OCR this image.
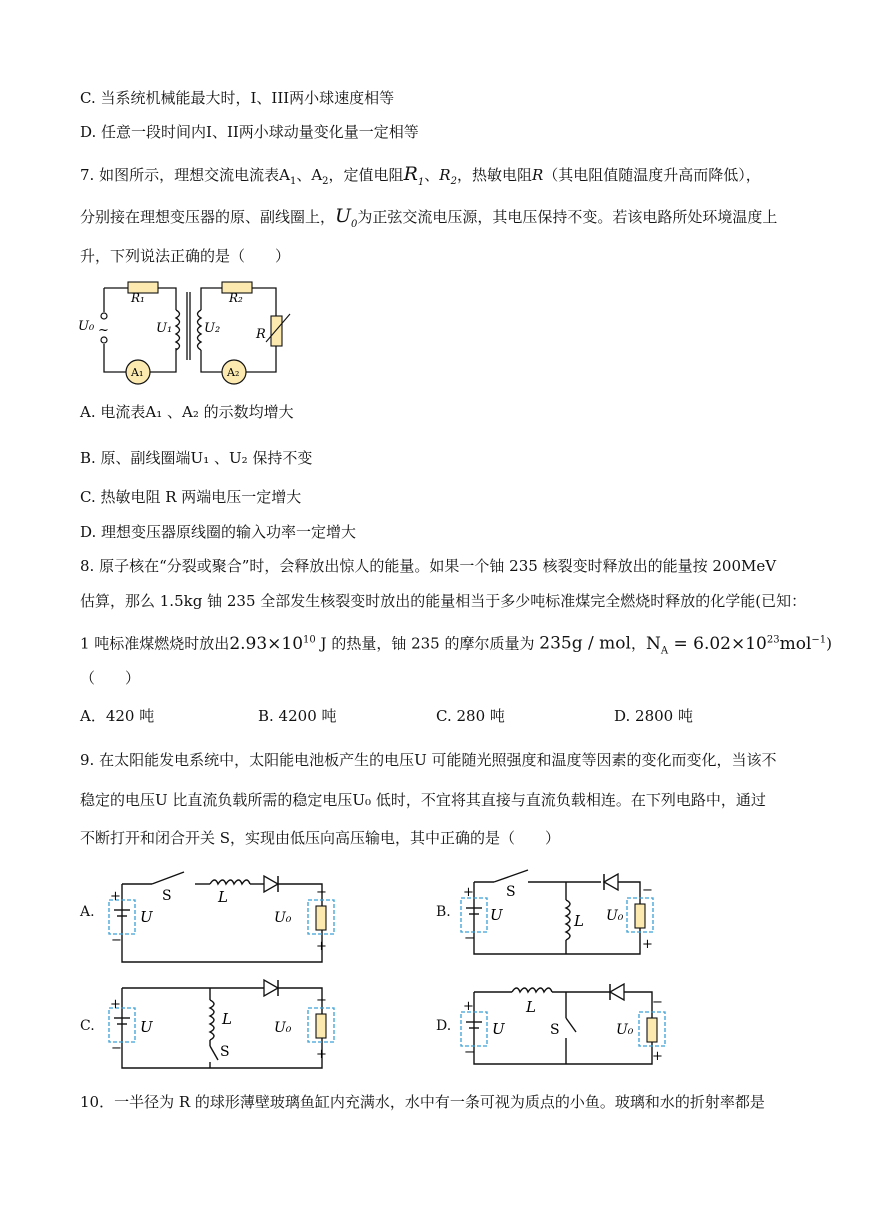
C. 当系统机械能最大时，I、III两小球速度相等
D. 任意一段时间内I、II两小球动量变化量一定相等
7. 如图所示，理想交流电流表$A_1$、$A_2$，定值电阻$R_1$、$R_2$，热敏电阻R（其电阻值随温度升高而降低），
分别接在理想变压器的原、副线圈上，$U_0$为正弦交流电压源，其电压保持不变。若该电路所处环境温度上
升，下列说法正确的是（　　）
R₁	R₂
U₀ ~	U₁ U₂	R
A₁	A₂
A. 电流表A₁ 、A₂ 的示数均增大
B. 原、副线圈端U₁ 、U₂ 保持不变
C. 热敏电阻 R 两端电压一定增大
D. 理想变压器原线圈的输入功率一定增大
8. 原子核在“分裂或聚合”时，会释放出惊人的能量。如果一个铀 235 核裂变时释放出的能量按 200MeV
估算，那么 1.5kg 铀 235 全部发生核裂变时放出的能量相当于多少吨标准煤完全燃烧时释放的化学能(已知：
1 吨标准煤燃烧时放出$2.93\times 10^{10}$ J 的热量，铀 235 的摩尔质量为 235g / mol，$N_A = 6.02\times 10^{23}mol^{-1}$)
（　　）
A．420 吨	B. 4200 吨	C. 280 吨	D. 2800 吨
9. 在太阳能发电系统中，太阳能电池板产生的电压U 可能随光照强度和温度等因素的变化而变化，当该不
稳定的电压U 比直流负载所需的稳定电压U₀ 低时，不宜将其直接与直流负载相连。在下列电路中，通过
不断打开和闭合开关 S，实现由低压向高压输电，其中正确的是（　　）
A.
+
−
U
S	L
U₀
−
+
B.
+
−
U
S
L U₀
−
+
C.
+
−
U	L
S
U₀
−
+
D.
+
−
U
L
S	U₀
−
+
10．一半径为 R 的球形薄壁玻璃鱼缸内充满水，水中有一条可视为质点的小鱼。玻璃和水的折射率都是
